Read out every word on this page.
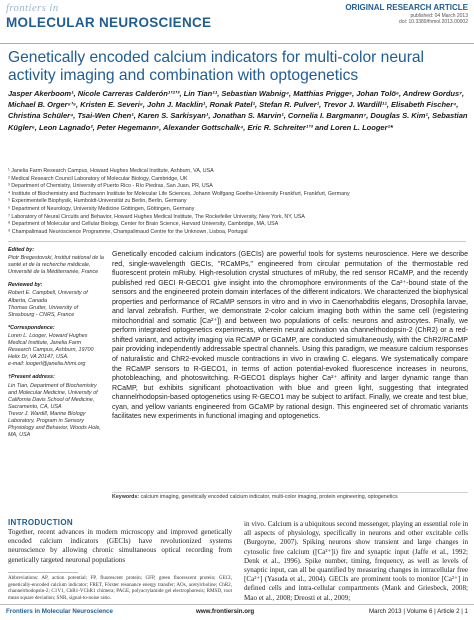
frontiers in
MOLECULAR NEUROSCIENCE
ORIGINAL RESEARCH ARTICLE
published: 04 March 2013
doi: 10.3389/fnmol.2013.00002
Genetically encoded calcium indicators for multi-color neural activity imaging and combination with optogenetics
Jasper Akerboom¹, Nicole Carreras Calderón¹ʼ²ʼ³, Lin Tian¹¹, Sebastian Wabnig⁴, Matthias Prigge⁵, Johan Tolö⁶, Andrew Gordus⁷, Michael B. Orger⁸ʼ⁹, Kristen E. Severi⁸, John J. Macklin¹, Ronak Patel¹, Stefan R. Pulver¹, Trevor J. Wardill¹¹, Elisabeth Fischer⁴, Christina Schüler⁴, Tsai-Wen Chen¹, Karen S. Sarkisyan¹, Jonathan S. Marvin¹, Cornelia I. Bargmann⁷, Douglas S. Kim¹, Sebastian Kügler⁶, Leon Lagnado², Peter Hegemann⁵, Alexander Gottschalk⁴, Eric R. Schreiter¹ʼ³ and Loren L. Looger¹*
¹ Janelia Farm Research Campus, Howard Hughes Medical Institute, Ashburn, VA, USA
² Medical Research Council Laboratory of Molecular Biology, Cambridge, UK
³ Department of Chemistry, University of Puerto Rico - Río Piedras, San Juan, PR, USA
⁴ Institute of Biochemistry and Buchmann Institute for Molecular Life Sciences, Johann Wolfgang Goethe-University Frankfurt, Frankfurt, Germany
⁵ Experimentelle Biophysik, Humboldt-Universität zu Berlin, Berlin, Germany
⁶ Department of Neurology, University Medicine Göttingen, Göttingen, Germany
⁷ Laboratory of Neural Circuits and Behavior, Howard Hughes Medical Institute, The Rockefeller University, New York, NY, USA
⁸ Department of Molecular and Cellular Biology, Center for Brain Science, Harvard University, Cambridge, MA, USA
⁹ Champalimaud Neuroscience Programme, Champalimaud Centre for the Unknown, Lisboa, Portugal
Edited by:
Piotr Bregestovski, Institut national de la santé et de la recherche médicale, Université de la Méditerranée, France
Reviewed by:
Robert E. Campbell, University of Alberta, Canada
Thomas Grutter, University of Strasbourg - CNRS, France
*Correspondence:
Loren L. Looger, Howard Hughes Medical Institute, Janelia Farm Research Campus, Ashburn, 19700 Helix Dr, VA 20147, USA.
e-mail: loogerl@janelia.hhmi.org
†Present address:
Lin Tian, Department of Biochemistry and Molecular Medicine, University of California Davis School of Medicine, Sacramento, CA, USA
Trevor J. Wardill, Marine Biology Laboratory, Program in Sensory Physiology and Behavior, Woods Hole, MA, USA

Genetically encoded calcium indicators (GECIs) are powerful tools for systems neuroscience. Here we describe red, single-wavelength GECIs, "RCaMPs," engineered from circular permutation of the thermostable red fluorescent protein mRuby. High-resolution crystal structures of mRuby, the red sensor RCaMP, and the recently published red GECI R-GECO1 give insight into the chromophore environments of the Ca²⁺-bound state of the sensors and the engineered protein domain interfaces of the different indicators. We characterized the biophysical properties and performance of RCaMP sensors in vitro and in vivo in Caenorhabditis elegans, Drosophila larvae, and larval zebrafish. Further, we demonstrate 2-color calcium imaging both within the same cell (registering mitochondrial and somatic [Ca²⁺]) and between two populations of cells: neurons and astrocytes. Finally, we perform integrated optogenetics experiments, wherein neural activation via channelrhodopsin-2 (ChR2) or a red-shifted variant, and activity imaging via RCaMP or GCaMP, are conducted simultaneously, with the ChR2/RCaMP pair providing independently addressable spectral channels. Using this paradigm, we measure calcium responses of naturalistic and ChR2-evoked muscle contractions in vivo in crawling C. elegans. We systematically compare the RCaMP sensors to R-GECO1, in terms of action potential-evoked fluorescence increases in neurons, photobleaching, and photoswitching. R-GECO1 displays higher Ca²⁺ affinity and larger dynamic range than RCaMP, but exhibits significant photoactivation with blue and green light, suggesting that integrated channelrhodopsin-based optogenetics using R-GECO1 may be subject to artifact. Finally, we create and test blue, cyan, and yellow variants engineered from GCaMP by rational design. This engineered set of chromatic variants facilitates new experiments in functional imaging and optogenetics.

Keywords: calcium imaging, genetically encoded calcium indicator, multi-color imaging, protein engineering, optogenetics
INTRODUCTION

Together, recent advances in modern microscopy and improved genetically encoded calcium indicators (GECIs) have revolutionized systems neuroscience by allowing chronic simultaneous optical recording from genetically targeted neuronal populations

Abbreviations: AP, action potential; FP, fluorescent protein; GFP, green fluorescent protein; GECI, genetically-encoded calcium indicator; FRET, Förster resonance energy transfer; AOs, acetylcholine; ChR2, channelrhodopsin-2; C1V1, ChR1-VChR1 chimera; PAGE, polyacrylamide gel electrophoresis; RMSD, root mean square deviation; SNR, signal-to-noise ratio.

in vivo. Calcium is a ubiquitous second messenger, playing an essential role in all aspects of physiology, specifically in neurons and other excitable cells (Burgoyne, 2007). Spiking neurons show transient and large changes in cytosolic free calcium ([Ca²⁺]i) fire and synaptic input (Jaffe et al., 1992; Denk et al., 1996). Spike number, timing, frequency, as well as levels of synaptic input, can all be quantified by measuring changes in intracellular free [Ca²⁺] (Yasuda et al., 2004). GECIs are prominent tools to monitor [Ca²⁺] in defined cells and intra-cellular compartments (Mank and Griesbeck, 2008; Mao et al., 2008; Dreosti et al., 2009;

Frontiers in Molecular Neuroscience	www.frontiersin.org	March 2013 | Volume 6 | Article 2 | 1
